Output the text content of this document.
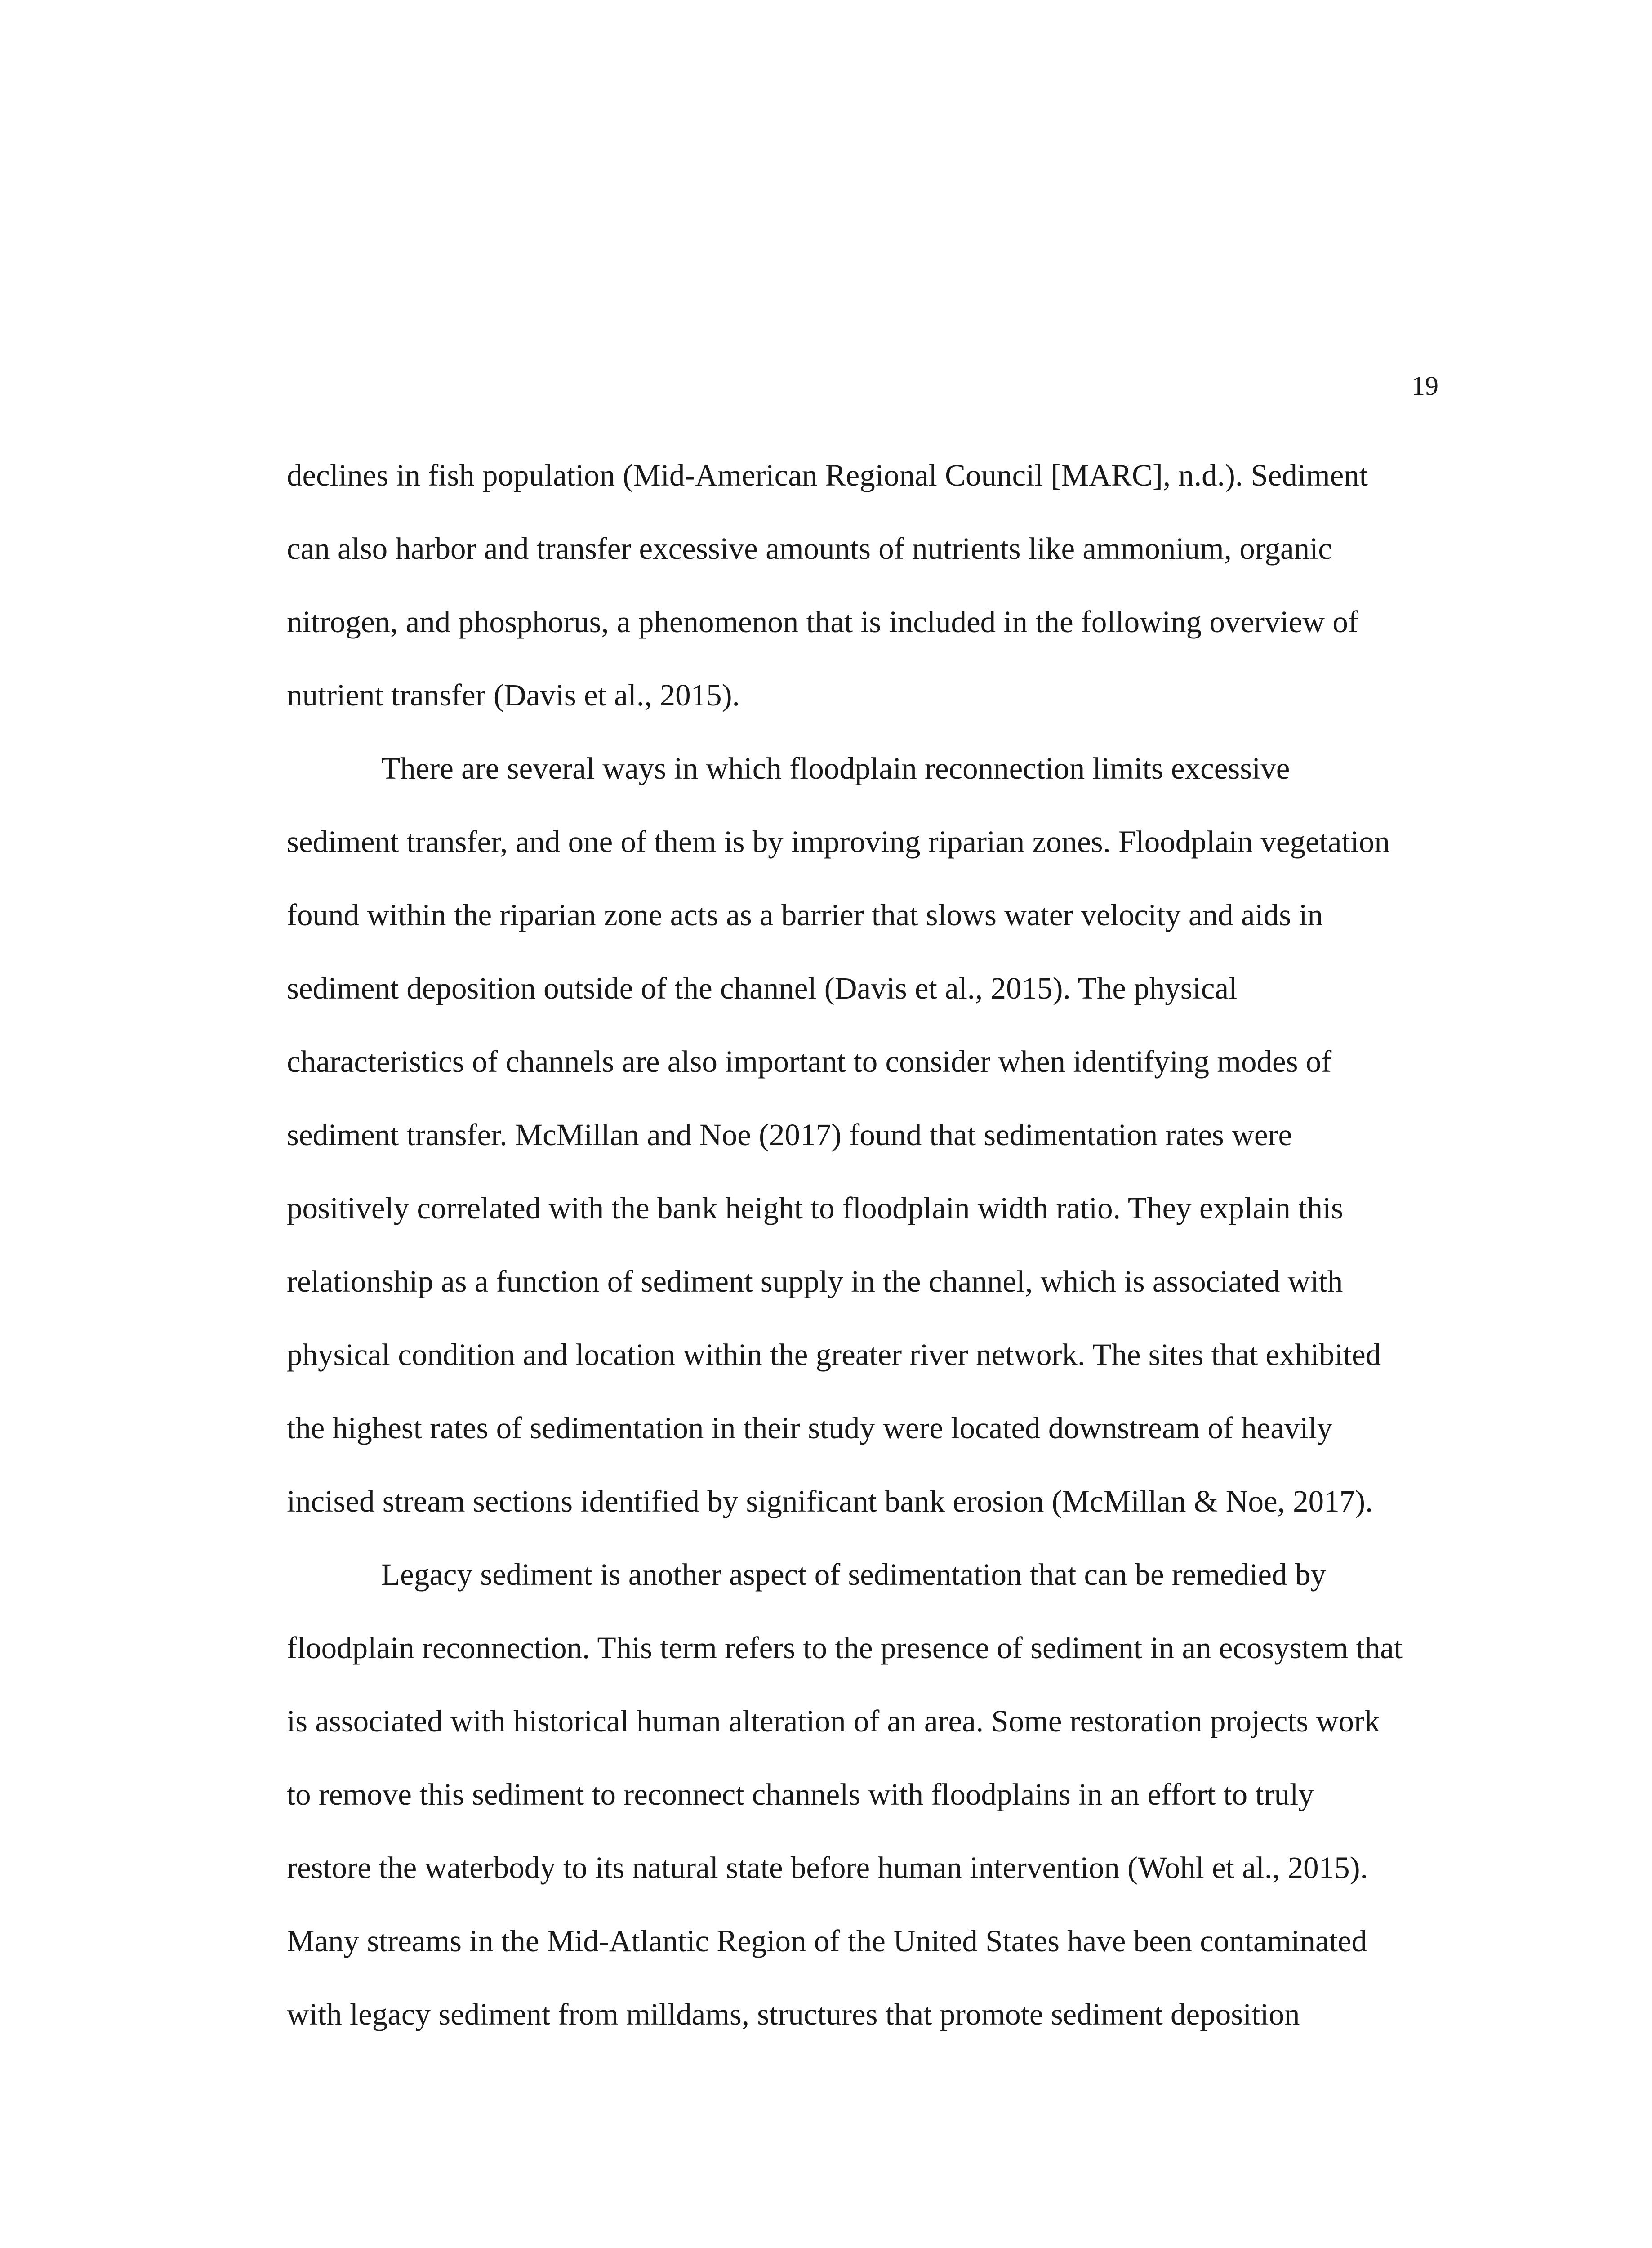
19
declines in fish population (Mid-American Regional Council [MARC], n.d.). Sediment
can also harbor and transfer excessive amounts of nutrients like ammonium, organic
nitrogen, and phosphorus, a phenomenon that is included in the following overview of
nutrient transfer (Davis et al., 2015).
There are several ways in which floodplain reconnection limits excessive
sediment transfer, and one of them is by improving riparian zones. Floodplain vegetation
found within the riparian zone acts as a barrier that slows water velocity and aids in
sediment deposition outside of the channel (Davis et al., 2015). The physical
characteristics of channels are also important to consider when identifying modes of
sediment transfer. McMillan and Noe (2017) found that sedimentation rates were
positively correlated with the bank height to floodplain width ratio. They explain this
relationship as a function of sediment supply in the channel, which is associated with
physical condition and location within the greater river network. The sites that exhibited
the highest rates of sedimentation in their study were located downstream of heavily
incised stream sections identified by significant bank erosion (McMillan & Noe, 2017).
Legacy sediment is another aspect of sedimentation that can be remedied by
floodplain reconnection. This term refers to the presence of sediment in an ecosystem that
is associated with historical human alteration of an area. Some restoration projects work
to remove this sediment to reconnect channels with floodplains in an effort to truly
restore the waterbody to its natural state before human intervention (Wohl et al., 2015).
Many streams in the Mid-Atlantic Region of the United States have been contaminated
with legacy sediment from milldams, structures that promote sediment deposition
